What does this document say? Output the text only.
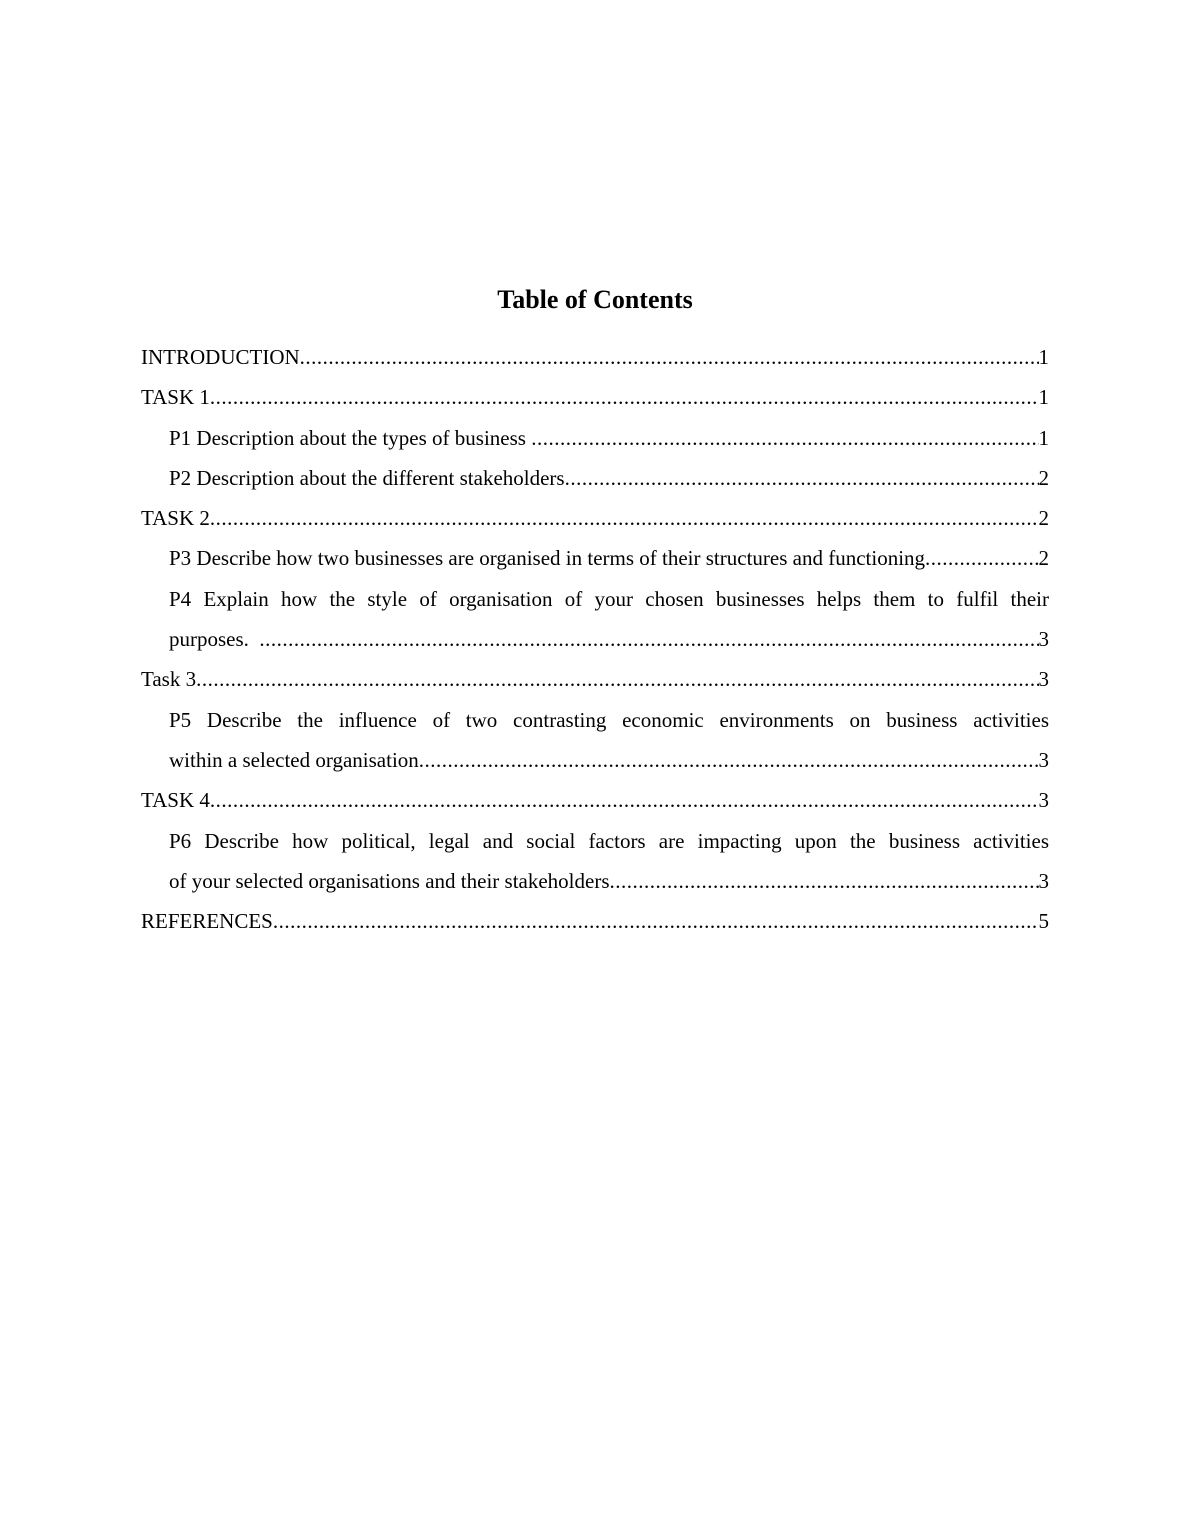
Table of Contents
INTRODUCTION .....	1
TASK 1 .....	1
P1 Description about the types of business .....	1
P2 Description about the different stakeholders .....	2
TASK 2 .....	2
P3 Describe how two businesses are organised in terms of their structures and functioning .....	2
P4 Explain how the style of organisation of your chosen businesses helps them to fulfil their
purposes. .....	3
Task 3 .....	3
P5 Describe the influence of two contrasting economic environments on business activities
within a selected organisation .....	3
TASK 4 .....	3
P6 Describe how political, legal and social factors are impacting upon the business activities
of your selected organisations and their stakeholders .....	3
REFERENCES .....	5
